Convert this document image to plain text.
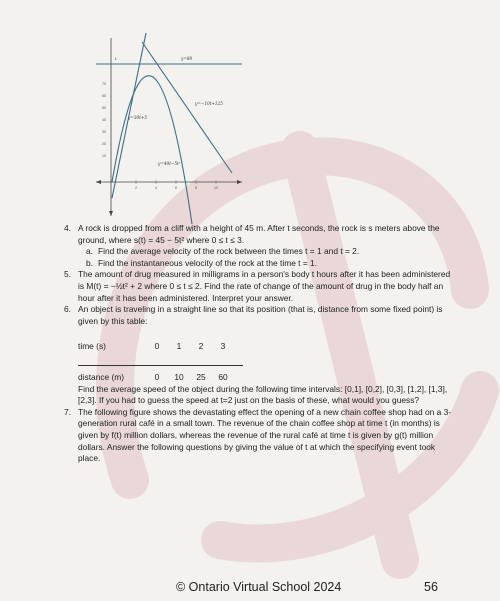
t
70
60
50
40
30
20
10
2	4	6	8	10
y=80
y=−10t+125
y=30t+5
y=40t−5t²
4. A rock is dropped from a cliff with a height of 45 m. After t seconds, the rock is s meters above the ground, where s(t) = 45 − 5t² where 0 ≤ t ≤ 3.
a. Find the average velocity of the rock between the times t = 1 and t = 2.
b. Find the instantaneous velocity of the rock at the time t = 1.
5. The amount of drug measured in milligrams in a person's body t hours after it has been administered is M(t) = −½t² + 2 where 0 ≤ t ≤ 2. Find the rate of change of the amount of drug in the body half an hour after it has been administered. Interpret your answer.
6. An object is traveling in a straight line so that its position (that is, distance from some fixed point) is given by this table:
time (s)	0	1	2	3
distance (m)	0	10	25	60
Find the average speed of the object during the following time intervals: [0,1], [0,2], [0,3], [1,2], [1,3], [2,3]. If you had to guess the speed at t=2 just on the basis of these, what would you guess?
7. The following figure shows the devastating effect the opening of a new chain coffee shop had on a 3-generation rural café in a small town. The revenue of the chain coffee shop at time t (in months) is given by f(t) million dollars, whereas the revenue of the rural café at time t is given by g(t) million dollars. Answer the following questions by giving the value of t at which the specifying event took place.
© Ontario Virtual School 2024	56
